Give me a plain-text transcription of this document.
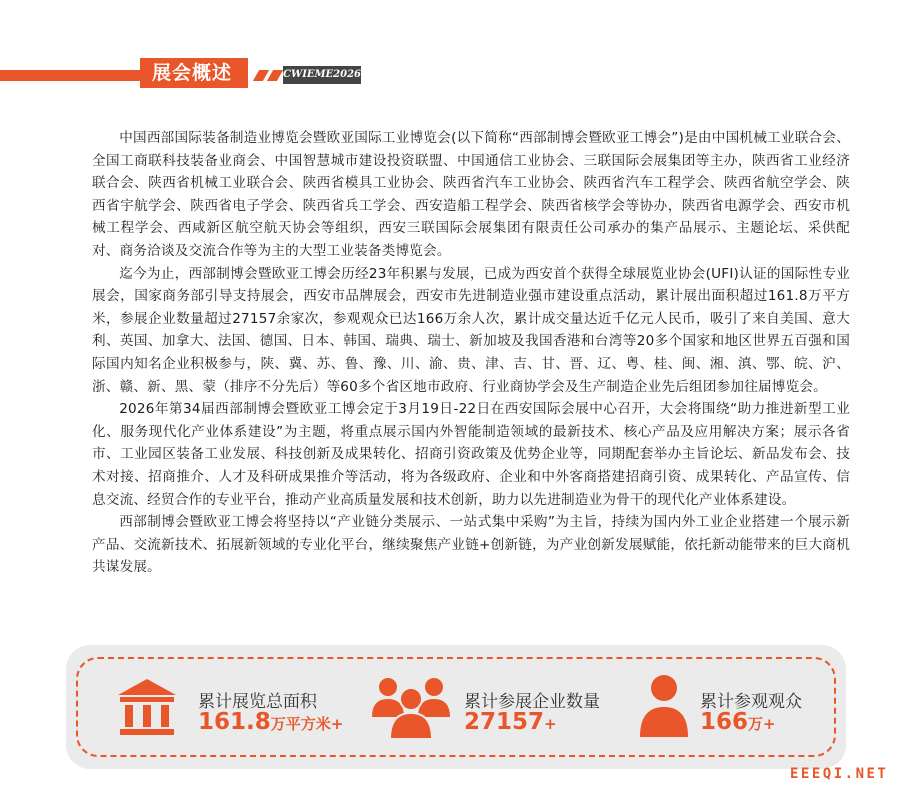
展会概述	CWIEME2026

中国西部国际装备制造业博览会暨欧亚国际工业博览会(以下简称“西部制博会暨欧亚工博会”)是由中国机械工业联合会、全国工商联科技装备业商会、中国智慧城市建设投资联盟、中国通信工业协会、三联国际会展集团等主办，陕西省工业经济联合会、陕西省机械工业联合会、陕西省模具工业协会、陕西省汽车工业协会、陕西省汽车工程学会、陕西省航空学会、陕西省宇航学会、陕西省电子学会、陕西省兵工学会、西安造船工程学会、陕西省核学会等协办，陕西省电源学会、西安市机械工程学会、西咸新区航空航天协会等组织，西安三联国际会展集团有限责任公司承办的集产品展示、主题论坛、采供配对、商务洽谈及交流合作等为主的大型工业装备类博览会。

迄今为止，西部制博会暨欧亚工博会历经23年积累与发展，已成为西安首个获得全球展览业协会(UFI)认证的国际性专业展会，国家商务部引导支持展会，西安市品牌展会，西安市先进制造业强市建设重点活动，累计展出面积超过161.8万平方米，参展企业数量超过27157余家次，参观观众已达166万余人次，累计成交量达近千亿元人民币，吸引了来自美国、意大利、英国、加拿大、法国、德国、日本、韩国、瑞典、瑞士、新加坡及我国香港和台湾等20多个国家和地区世界五百强和国际国内知名企业积极参与，陕、冀、苏、鲁、豫、川、渝、贵、津、吉、甘、晋、辽、粤、桂、闽、湘、滇、鄂、皖、沪、浙、赣、新、黑、蒙（排序不分先后）等60多个省区地市政府、行业商协学会及生产制造企业先后组团参加往届博览会。

2026年第34届西部制博会暨欧亚工博会定于3月19日-22日在西安国际会展中心召开，大会将围绕“助力推进新型工业化、服务现代化产业体系建设”为主题，将重点展示国内外智能制造领域的最新技术、核心产品及应用解决方案；展示各省市、工业园区装备工业发展、科技创新及成果转化、招商引资政策及优势企业等，同期配套举办主旨论坛、新品发布会、技术对接、招商推介、人才及科研成果推介等活动，将为各级政府、企业和中外客商搭建招商引资、成果转化、产品宣传、信息交流、经贸合作的专业平台，推动产业高质量发展和技术创新，助力以先进制造业为骨干的现代化产业体系建设。

西部制博会暨欧亚工博会将坚持以“产业链分类展示、一站式集中采购”为主旨，持续为国内外工业企业搭建一个展示新产品、交流新技术、拓展新领域的专业化平台，继续聚焦产业链+创新链，为产业创新发展赋能，依托新动能带来的巨大商机共谋发展。

累计展览总面积
161.8万平方米+
累计参展企业数量
27157+
累计参观观众
166万+
EEEQI.NET
